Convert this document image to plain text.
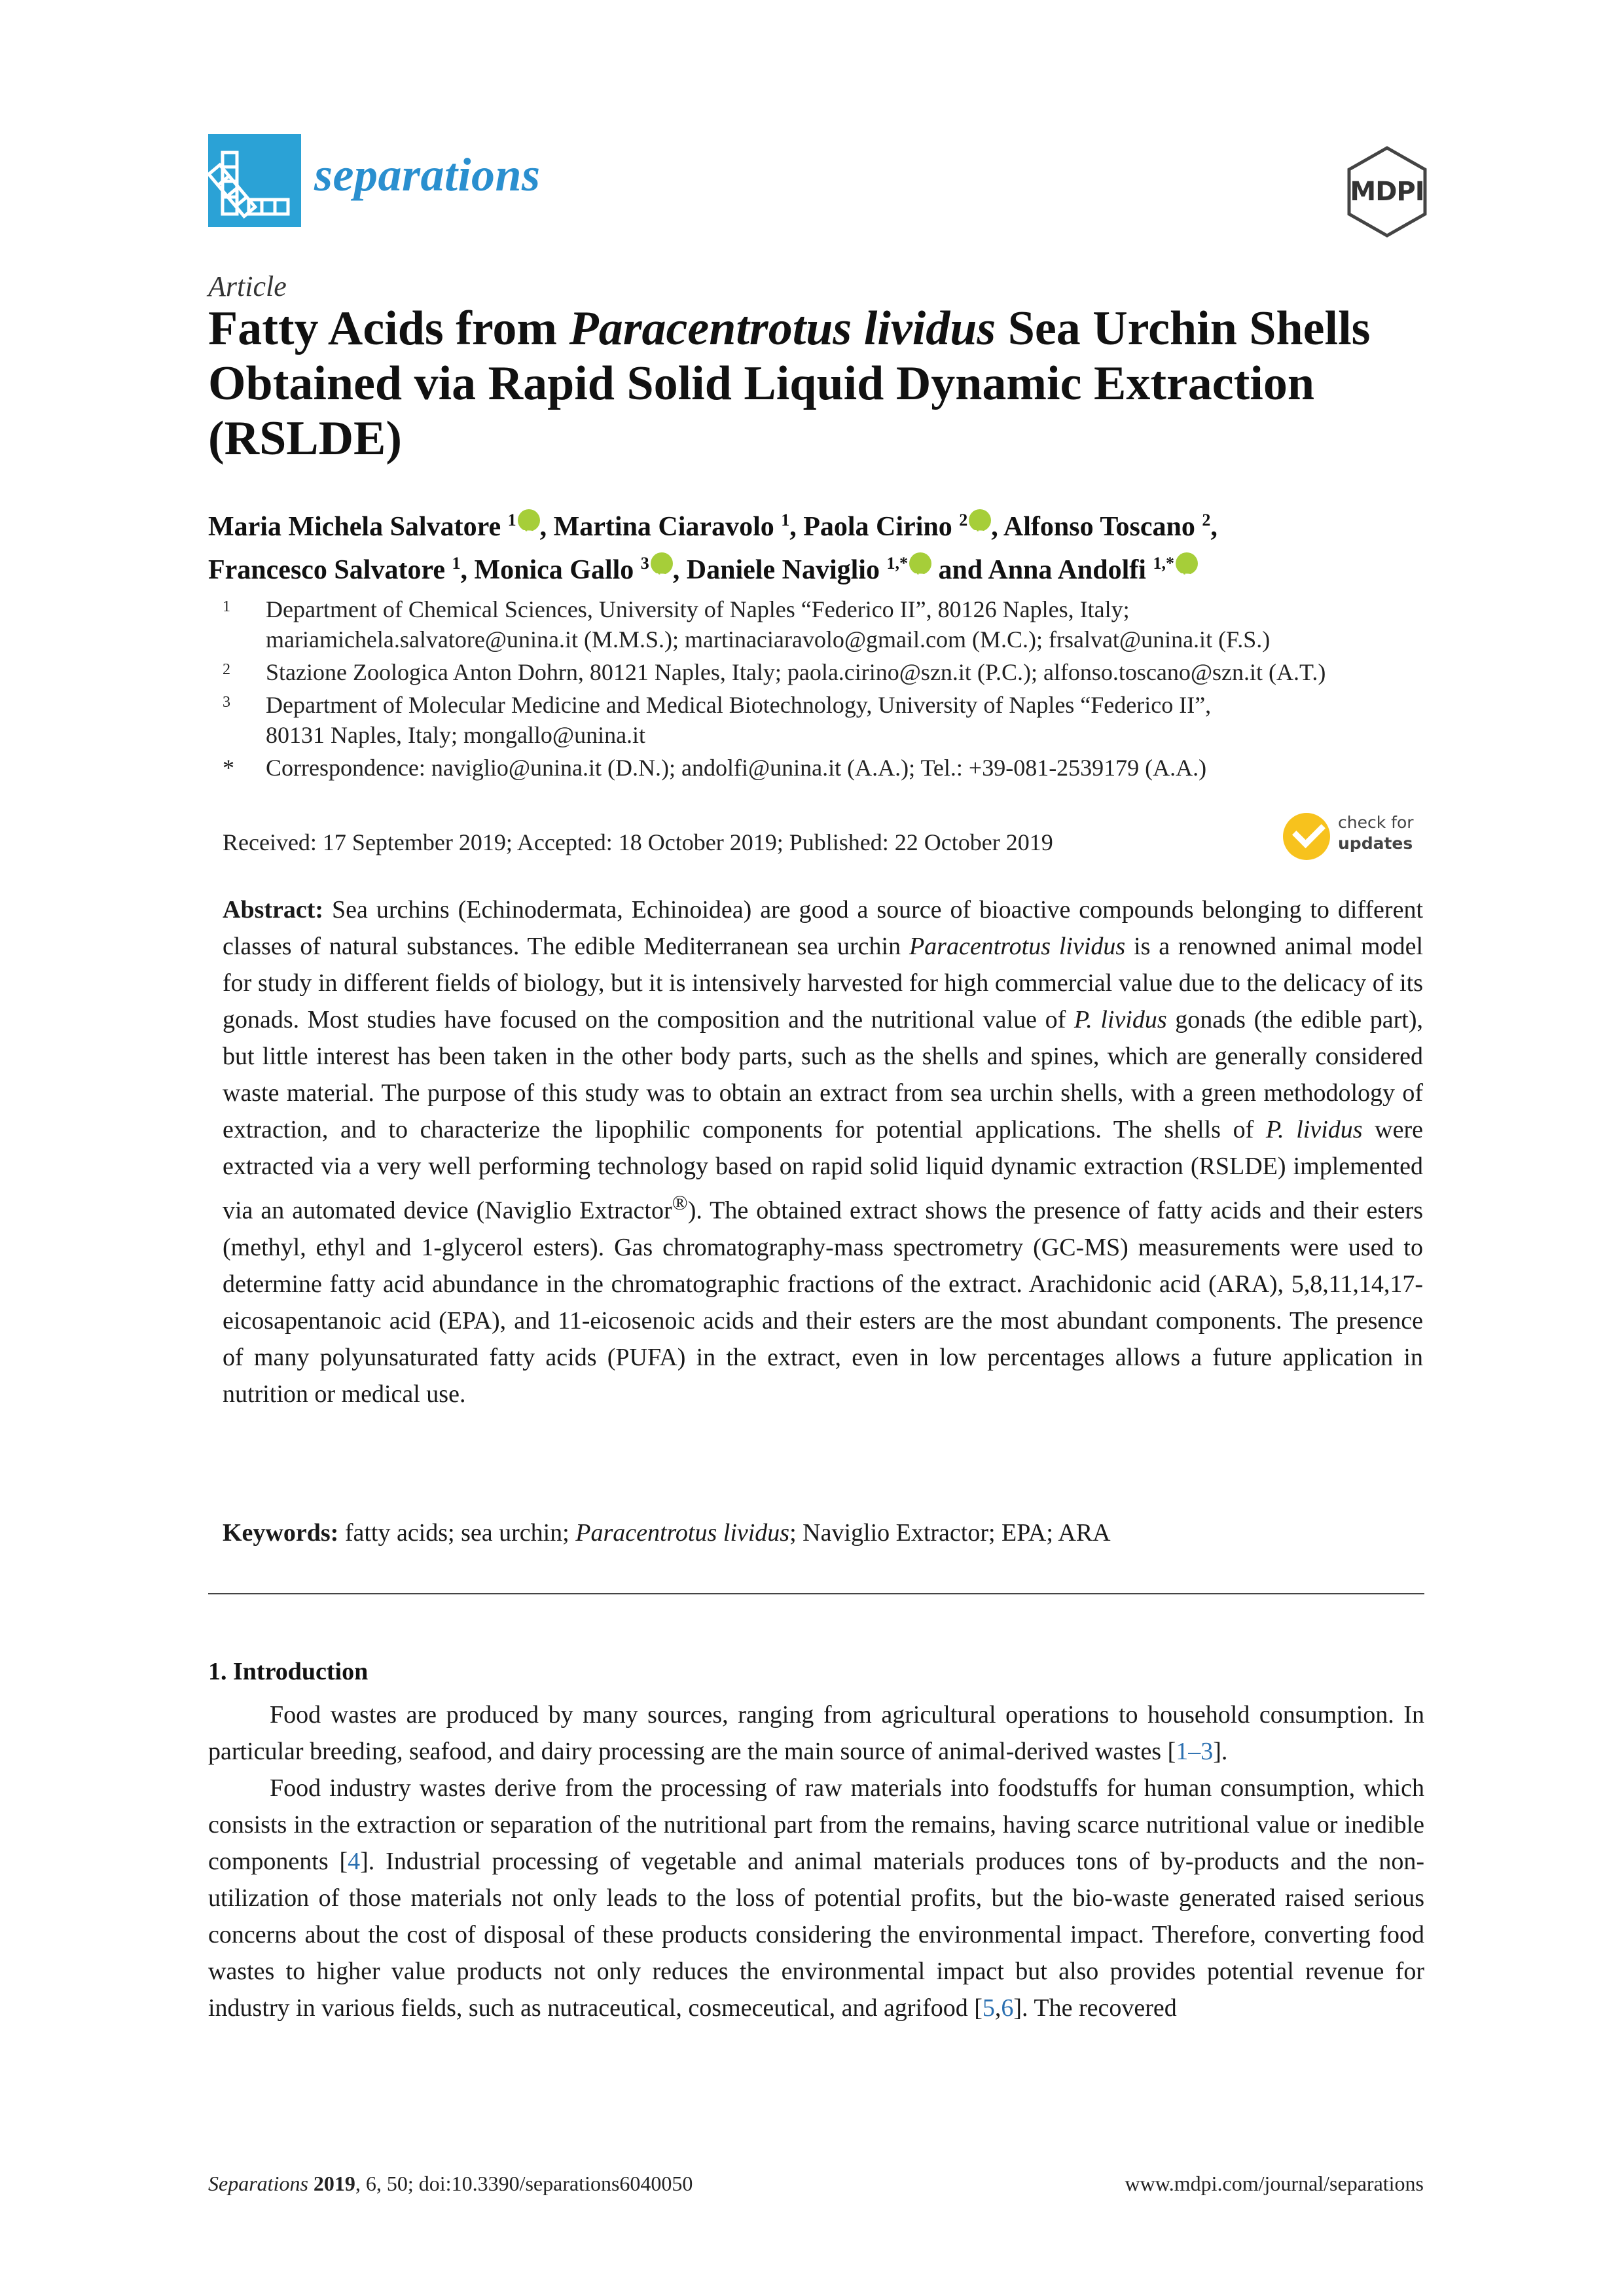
separations	MDPI
Article
Fatty Acids from Paracentrotus lividus Sea Urchin Shells Obtained via Rapid Solid Liquid Dynamic Extraction (RSLDE)
Maria Michela Salvatore $^1$ iD , Martina Ciaravolo $^1$, Paola Cirino $^2$ iD , Alfonso Toscano $^2$,
Francesco Salvatore $^1$, Monica Gallo $^3$ iD , Daniele Naviglio $^{1,*}$ iD and Anna Andolfi $^{1,*}$iD
1 Department of Chemical Sciences, University of Naples “Federico II”, 80126 Naples, Italy;
mariamichela.salvatore@unina.it (M.M.S.); martinaciaravolo@gmail.com (M.C.); frsalvat@unina.it (F.S.)
2 Stazione Zoologica Anton Dohrn, 80121 Naples, Italy; paola.cirino@szn.it (P.C.); alfonso.toscano@szn.it (A.T.)
3 Department of Molecular Medicine and Medical Biotechnology, University of Naples “Federico II”,
80131 Naples, Italy; mongallo@unina.it
* Correspondence: naviglio@unina.it (D.N.); andolfi@unina.it (A.A.); Tel.: +39-081-2539179 (A.A.)
Received: 17 September 2019; Accepted: 18 October 2019; Published: 22 October 2019
check for
updates
Abstract: Sea urchins (Echinodermata, Echinoidea) are good a source of bioactive compounds belonging to different classes of natural substances. The edible Mediterranean sea urchin Paracentrotus lividus is a renowned animal model for study in different fields of biology, but it is intensively harvested for high commercial value due to the delicacy of its gonads. Most studies have focused on the composition and the nutritional value of P. lividus gonads (the edible part), but little interest has been taken in the other body parts, such as the shells and spines, which are generally considered waste material. The purpose of this study was to obtain an extract from sea urchin shells, with a green methodology of extraction, and to characterize the lipophilic components for potential applications. The shells of P. lividus were extracted via a very well performing technology based on rapid solid liquid dynamic extraction (RSLDE) implemented via an automated device (Naviglio Extractor®). The obtained extract shows the presence of fatty acids and their esters (methyl, ethyl and 1-glycerol esters). Gas chromatography-mass spectrometry (GC-MS) measurements were used to determine fatty acid abundance in the chromatographic fractions of the extract. Arachidonic acid (ARA), 5,8,11,14,17-eicosapentanoic acid (EPA), and 11-eicosenoic acids and their esters are the most abundant components. The presence of many polyunsaturated fatty acids (PUFA) in the extract, even in low percentages allows a future application in nutrition or medical use.
Keywords: fatty acids; sea urchin; Paracentrotus lividus; Naviglio Extractor; EPA; ARA
1. Introduction

Food wastes are produced by many sources, ranging from agricultural operations to household consumption. In particular breeding, seafood, and dairy processing are the main source of animal-derived wastes [1–3].

Food industry wastes derive from the processing of raw materials into foodstuffs for human consumption, which consists in the extraction or separation of the nutritional part from the remains, having scarce nutritional value or inedible components [4]. Industrial processing of vegetable and animal materials produces tons of by-products and the non-utilization of those materials not only leads to the loss of potential profits, but the bio-waste generated raised serious concerns about the cost of disposal of these products considering the environmental impact. Therefore, converting food wastes to higher value products not only reduces the environmental impact but also provides potential revenue for industry in various fields, such as nutraceutical, cosmeceutical, and agrifood [5,6]. The recovered

Separations 2019, 6, 50; doi:10.3390/separations6040050	www.mdpi.com/journal/separations
